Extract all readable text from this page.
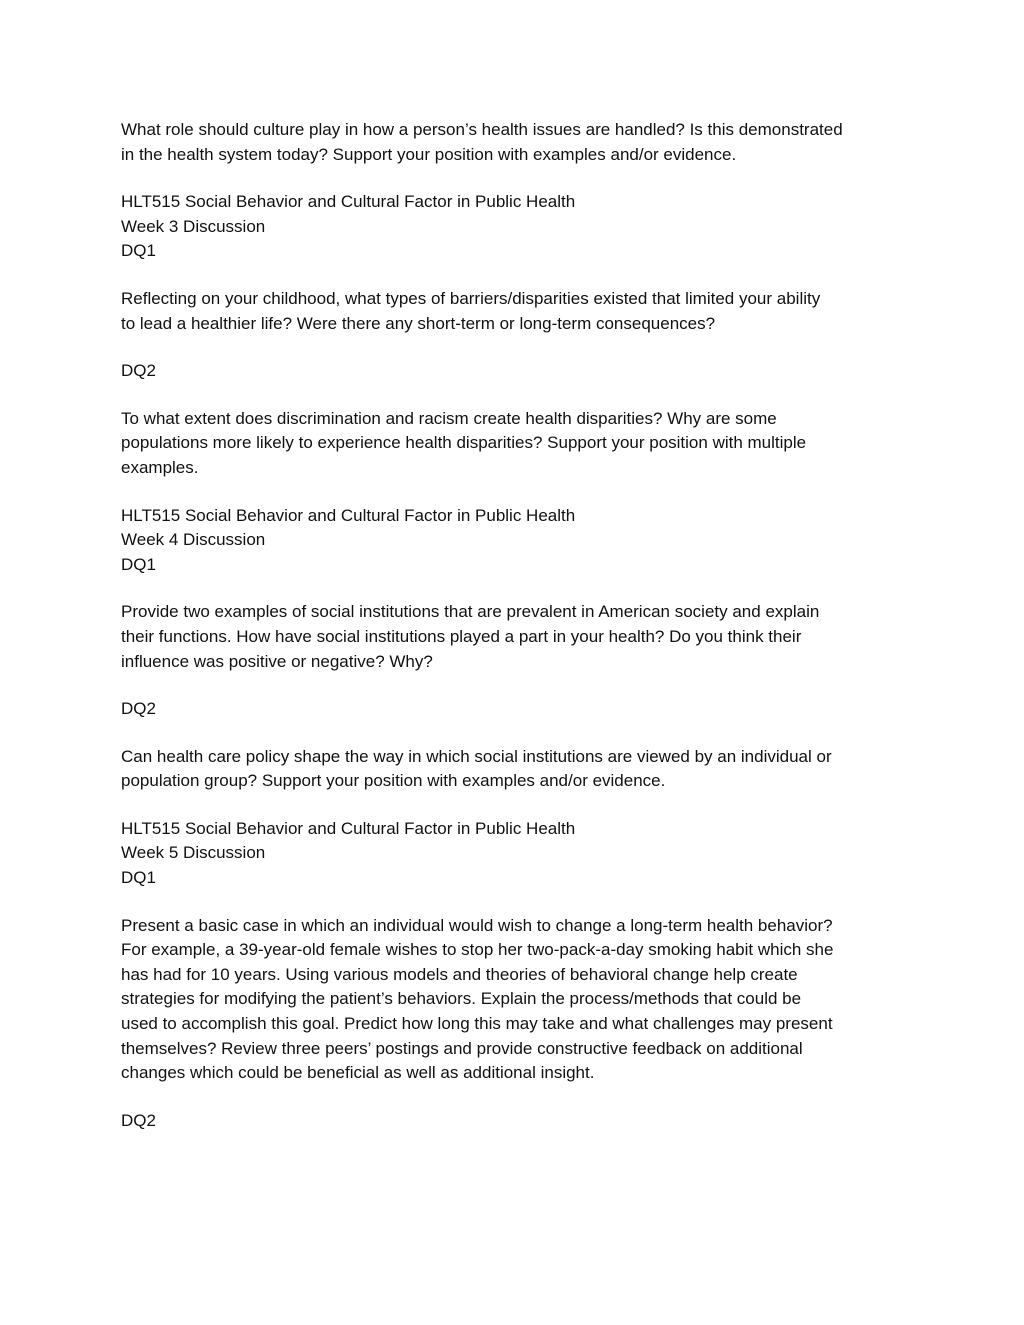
What role should culture play in how a person’s health issues are handled? Is this demonstrated
in the health system today? Support your position with examples and/or evidence.
HLT515 Social Behavior and Cultural Factor in Public Health
Week 3 Discussion
DQ1
Reflecting on your childhood, what types of barriers/disparities existed that limited your ability
to lead a healthier life? Were there any short-term or long-term consequences?
DQ2
To what extent does discrimination and racism create health disparities? Why are some
populations more likely to experience health disparities? Support your position with multiple
examples.
HLT515 Social Behavior and Cultural Factor in Public Health
Week 4 Discussion
DQ1
Provide two examples of social institutions that are prevalent in American society and explain
their functions. How have social institutions played a part in your health? Do you think their
influence was positive or negative? Why?
DQ2
Can health care policy shape the way in which social institutions are viewed by an individual or
population group? Support your position with examples and/or evidence.
HLT515 Social Behavior and Cultural Factor in Public Health
Week 5 Discussion
DQ1
Present a basic case in which an individual would wish to change a long-term health behavior?
For example, a 39-year-old female wishes to stop her two-pack-a-day smoking habit which she
has had for 10 years. Using various models and theories of behavioral change help create
strategies for modifying the patient’s behaviors. Explain the process/methods that could be
used to accomplish this goal. Predict how long this may take and what challenges may present
themselves? Review three peers’ postings and provide constructive feedback on additional
changes which could be beneficial as well as additional insight.
DQ2
